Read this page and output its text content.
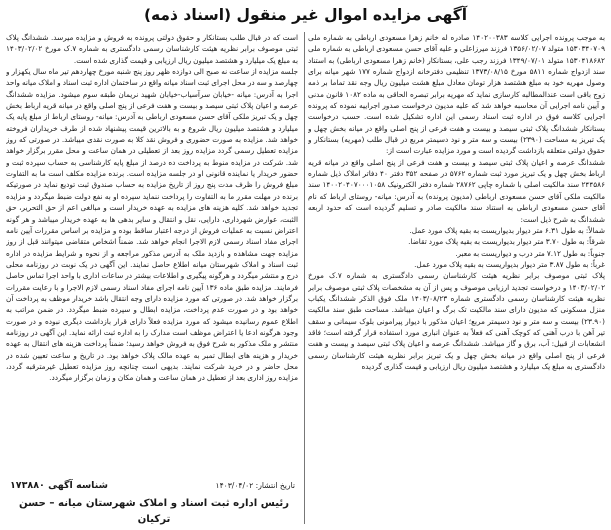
آگهی مزایده اموال غیر منقول (اسناد ذمه)

به موجب پرونده اجرایی کلاسه ۱۴۰۲۰۰۳۸۳ صادره له خانم زهرا مسعودی ارباطی به شماره ملی ۱۵۳۰۳۴۰۷۰۹ متولد ۱۳۵۶/۰۲/۰۷ فرزند میرزاعلی و علیه آقای حسن مسعودی ارباطی به شماره ملی ۱۵۳۰۴۱۸۶۸۲ متولد ۱۳۴۹/۰۷/۰۱ فرزند رجب علی، بستانکار (خانم زهرا مسعودی ارباطی) به استناد سند ازدواج شماره ۵۸۱۱ مورخ ۱۳۷۳/۰۸/۱۵ تنظیمی دفترخانه ازدواج شماره ۱۷۷ شهر میانه برای وصول مهریه خود به مبلغ هشتصد هزار تومان معادل مبلغ هشت میلیون ریال وجه نقد تماما بر ذمه زوج باقی است عندالمطالبه کارسازی نماید که مهریه برابر تبصره الحاقی به ماده ۱۰۸۲ قانون مدنی و آیین نامه اجرایی آن محاسبه خواهد شد که علیه مدیون درخواست صدور اجراییه نموده که پرونده اجرایی کلاسه فوق در اداره ثبت اسناد رسمی این اداره تشکیل شده است. حسب درخواست بستانکار ششدانگ پلاک ثبتی سیصد و بیست و هفت فرعی از پنج اصلی واقع در میانه بخش چهل و یک تبریز به مساحت (۲۳۹۰) بیست و سه متر و نود دسیمتر مربع در قبال طلب (مهریه) بستانکار و حقوق دولتی متعلقه بازداشت گردیده است و مورد مزایده عبارت است از:

ششدانگ عرصه و اعیان پلاک ثبتی سیصد و بیست و هفت فرعی از پنج اصلی واقع در میانه قریه ارباط بخش چهل و یک تبریز مورد ثبت شماره ۵۷۶۲ در صفحه ۳۵۲ دفتر ۴۰ دفاتر املاک ذیل شماره ۲۴۴۵۸۶ سند مالکیت اصلی با شماره چاپی ۲۸۷۶۲ شماره دفتر الکترونیک ۱۴۰۰۲۰۴۰۷۰۰۰۱۰۵۸ سند مالکیت ملکی آقای حسن مسعودی ارباطی (مدیون پرونده) به آدرس: میانه- روستای ارباط که نام آقای حسن مسعودی ارباطی به استناد سند مالکیت صادر و تسلیم گردیده است که حدود اربعه ششدانگ به شرح ذیل است:

شمالاً: به طول ۶.۳۱ متر دیوار بدیواریست به بقیه پلاک مورد عمل.

شرقاً: به طول ۳.۷۰ متر دیوار بدیواریست به بقیه پلاک مورد تقاضا.

جنوباً: به طول ۷.۱۲ متر درب و دیواریست به معبر.

غرباً: به طول ۳.۸۷ متر دیوار بدیواریست به بقیه پلاک مورد عمل.

پلاک ثبتی موصوف برابر نظریه هیئت کارشناسان رسمی دادگستری به شماره ۷.ک مورخ ۱۴۰۳/۰۲/۰۲ و درخواست تجدید ارزیابی موصوف و پس از آن به مشخصات پلاک ثبتی موصوف برابر نظریه هیئت کارشناسان رسمی دادگستری شماره ۱۴۰۳/۰۸/۲۳ ملک فوق الذکر ششدانگ یکباب منزل مسکونی که مدیون دارای سند مالکیت تک برگ و اعیان میباشد. مساحت طبق سند مالکیت (۲۳.۹۰) بیست و سه متر و نود دسیمتر مربع؛ اعیان مذکور با دیوار پیرامونی بلوک سیمانی و سقف تیر آهن با درب آهنی که کوچک آهنی که فعلاً به عنوان انباری مورد استفاده قرار گرفته است؛ فاقد انشعابات از قبیل: آب، برق و گاز میباشد. ششدانگ عرصه و اعیان پلاک ثبتی سیصد و بیست و هفت فرعی از پنج اصلی واقع در میانه بخش چهل و یک تبریز برابر نظریه هیئت کارشناسان رسمی دادگستری به مبلغ یک میلیارد و هشتصد میلیون ریال ارزیابی و قیمت گذاری گردیده

است که در قبال طلب بستانکار و حقوق دولتی پرونده به فروش و مزایده میرسد. ششدانگ پلاک ثبتی موصوف برابر نظریه هیئت کارشناسان رسمی دادگستری به شماره ۷.ک مورخ ۱۴۰۳/۰۲/۰۲ به مبلغ یک میلیارد و هشتصد میلیون ریال ارزیابی و قیمت گذاری شده است.

جلسه مزایده از ساعت نه صبح الی دوازده ظهر روز پنج شنبه مورخ چهاردهم تیر ماه سال یکهزار و چهارصد و سه در محل اجرای ثبت اسناد میانه واقع در ساختمان اداره ثبت اسناد و املاک میانه واحد اجرا به آدرس: میانه -خیابان سرآسیاب-خیابان شهید نریمان طبقه سوم میشود. مزایده ششدانگ عرصه و اعیان پلاک ثبتی سیصد و بیست و هفت فرعی از پنج اصلی واقع در میانه قریه ارباط بخش چهل و یک تبریز ملکی آقای حسن مسعودی ارباطی به آدرس: میانه- روستای ارباط از مبلغ پایه یک میلیارد و هشتصد میلیون ریال شروع و به بالاترین قیمت پیشنهاد شده از طرف خریداران فروخته خواهد شد. مزایده به صورت حضوری و فروش نقد کلا به صورت نقدی میباشد. در صورتی که روز مزایده تعطیل رسمی گردد مزایده روز بعد از تعطیلی در همان ساعت و محل مقرر برگزار خواهد شد. شرکت در مزایده منوط به پرداخت ده درصد از مبلغ پایه کارشناسی به حساب سپرده ثبت و حضور خریدار یا نماینده قانونی او در جلسه مزایده است. برنده مزایده مکلف است ما به التفاوت مبلغ فروش را ظرف مدت پنج روز از تاریخ مزایده به حساب صندوق ثبت تودیع نماید در صورتیکه برنده در مهلت مقرر ما به التفاوت را پرداخت ننماید سپرده او به نفع دولت ضبط میگردد و مزایده تجدید خواهد شد. کلیه هزینه های مزایده به عهده خریدار است و مبالغی اعم از حق التحریر، حق الثبت، عوارض شهرداری، دارایی، نقل و انتقال و سایر بدهی ها به عهده خریدار میباشد و هر گونه اعتراض نسبت به عملیات فروش از درجه اعتبار ساقط بوده و مزایده بر اساس مقررات آیین نامه اجرای مفاد اسناد رسمی لازم الاجرا انجام خواهد شد. ضمناً اشخاص متقاضی میتوانند قبل از روز مزایده جهت مشاهده و بازدید ملک به آدرس مذکور مراجعه و از نحوه و شرایط مزایده در اداره ثبت اسناد و املاک شهرستان میانه اطلاع حاصل نمایند. این آگهی در یک نوبت در روزنامه محلی درج و منتشر میگردد و هرگونه پیگیری و اطلاعات بیشتر در ساعات اداری با واحد اجرا تماس حاصل فرمایند. مزایده طبق ماده ۱۳۶ آیین نامه اجرای مفاد اسناد رسمی لازم الاجرا و با رعایت مقررات برگزار خواهد شد. در صورتی که مورد مزایده دارای وجه انتقال باشد خریدار موظف به پرداخت آن خواهد بود و در صورت عدم پرداخت، مزایده ابطال و سپرده ضبط میگردد. در ضمن مراتب به اطلاع عموم رسانیده میشود که مورد مزایده فعلاً دارای قرار بازداشت دیگری نبوده و در صورت وجود هرگونه ادعا یا اعتراض موظف است مدارک را به اداره ثبت ارائه نماید. این آگهی در روزنامه منتشر و ملک مذکور به شرح فوق به فروش خواهد رسید؛ ضمناً پرداخت هزینه های انتقال به عهده خریدار و هزینه های ابطال تمبر به عهده مالک پلاک خواهد بود. در تاریخ و ساعت تعیین شده در محل حاضر و در خرید شرکت نمایند. بدیهی است چنانچه روز مزایده تعطیل غیرمترقبه گردد، مزایده روز اداری بعد از تعطیل در همان ساعت و همان مکان و زمان برگزار میگردد.

تاریخ انتشار: ۱۴۰۳/۰۴/۰۲
شناسه آگهی ۱۷۳۸۸۰
رئیس اداره ثبت اسناد و املاک شهرستان میانه – حسن ترکیان
